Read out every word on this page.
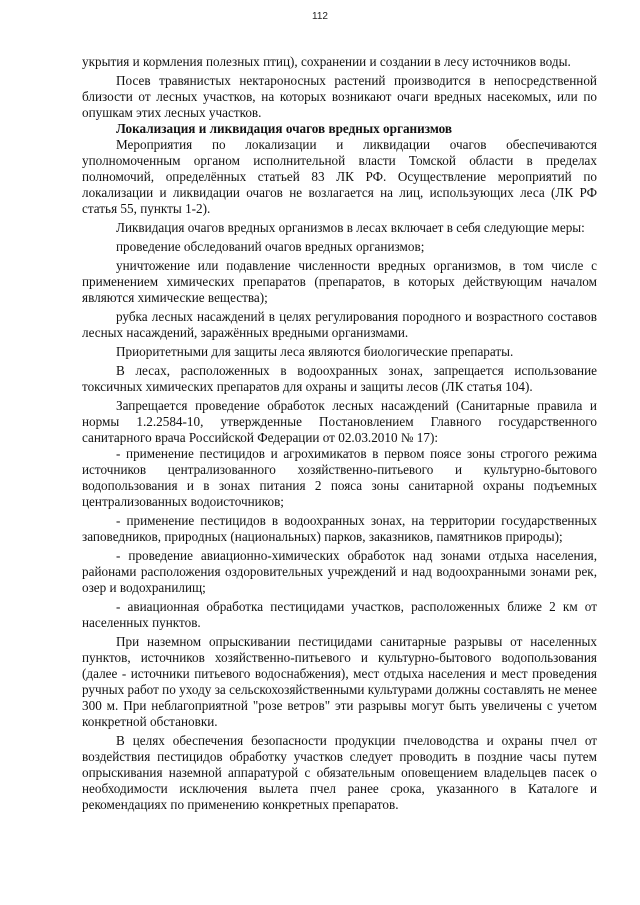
112

укрытия и кормления полезных птиц), сохранении и создании в лесу источников воды.

Посев травянистых нектароносных растений производится в непосредственной близости от лесных участков, на которых возникают очаги вредных насекомых, или по опушкам этих лесных участков.

Локализация и ликвидация очагов вредных организмов

Мероприятия по локализации и ликвидации очагов обеспечиваются уполномоченным органом исполнительной власти Томской области в пределах полномочий, определённых статьей 83 ЛК РФ. Осуществление мероприятий по локализации и ликвидации очагов не возлагается на лиц, использующих леса (ЛК РФ статья 55, пункты 1-2).

Ликвидация очагов вредных организмов в лесах включает в себя следующие меры:

проведение обследований очагов вредных организмов;

уничтожение или подавление численности вредных организмов, в том числе с применением химических препаратов (препаратов, в которых действующим началом являются химические вещества);

рубка лесных насаждений в целях регулирования породного и возрастного составов лесных насаждений, заражённых вредными организмами.

Приоритетными для защиты леса являются биологические препараты.

В лесах, расположенных в водоохранных зонах, запрещается использование токсичных химических препаратов для охраны и защиты лесов (ЛК статья 104).

Запрещается проведение обработок лесных насаждений (Санитарные правила и нормы 1.2.2584-10, утвержденные Постановлением Главного государственного санитарного врача Российской Федерации от 02.03.2010 № 17):

- применение пестицидов и агрохимикатов в первом поясе зоны строгого режима источников централизованного хозяйственно-питьевого и культурно-бытового водопользования и в зонах питания 2 пояса зоны санитарной охраны подъемных централизованных водоисточников;

- применение пестицидов в водоохранных зонах, на территории государственных заповедников, природных (национальных) парков, заказников, памятников природы);

- проведение авиационно-химических обработок над зонами отдыха населения, районами расположения оздоровительных учреждений и над водоохранными зонами рек, озер и водохранилищ;

- авиационная обработка пестицидами участков, расположенных ближе 2 км от населенных пунктов.

При наземном опрыскивании пестицидами санитарные разрывы от населенных пунктов, источников хозяйственно-питьевого и культурно-бытового водопользования (далее - источники питьевого водоснабжения), мест отдыха населения и мест проведения ручных работ по уходу за сельскохозяйственными культурами должны составлять не менее 300 м. При неблагоприятной "розе ветров" эти разрывы могут быть увеличены с учетом конкретной обстановки.

В целях обеспечения безопасности продукции пчеловодства и охраны пчел от воздействия пестицидов обработку участков следует проводить в поздние часы путем опрыскивания наземной аппаратурой с обязательным оповещением владельцев пасек о необходимости исключения вылета пчел ранее срока, указанного в Каталоге и рекомендациях по применению конкретных препаратов.
